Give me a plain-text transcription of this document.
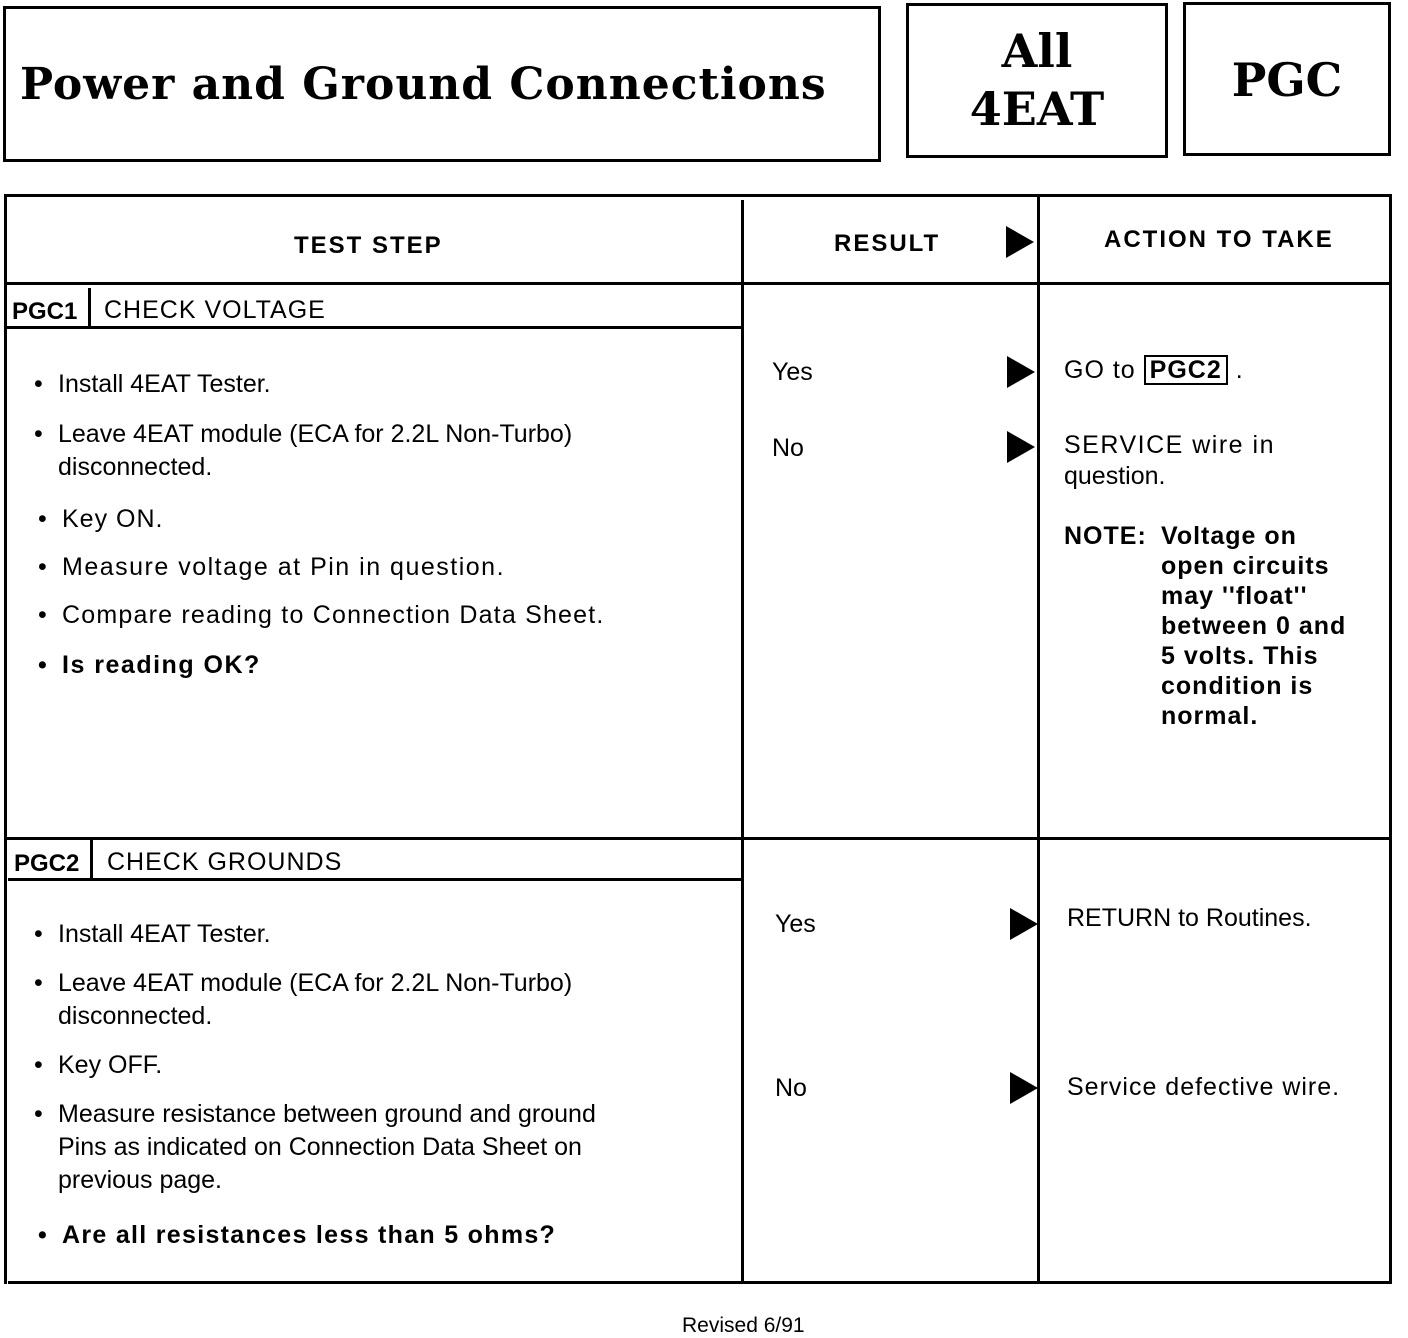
Power and Ground Connections
All
4EAT
PGC
TEST STEP	RESULT	ACTION TO TAKE
PGC1 CHECK VOLTAGE
• Install 4EAT Tester.
• Leave 4EAT module (ECA for 2.2L Non-Turbo)
disconnected.
• Key ON.
• Measure voltage at Pin in question.
• Compare reading to Connection Data Sheet.
• Is reading OK?
Yes
No
GO to PGC2 .
SERVICE wire in
question.
NOTE: Voltage on
open circuits
may ''float''
between 0 and
5 volts. This
condition is
normal.
PGC2 CHECK GROUNDS
• Install 4EAT Tester.
• Leave 4EAT module (ECA for 2.2L Non-Turbo)
disconnected.
• Key OFF.
• Measure resistance between ground and ground
Pins as indicated on Connection Data Sheet on
previous page.
• Are all resistances less than 5 ohms?
Yes
No
RETURN to Routines.
Service defective wire.
Revised 6/91
